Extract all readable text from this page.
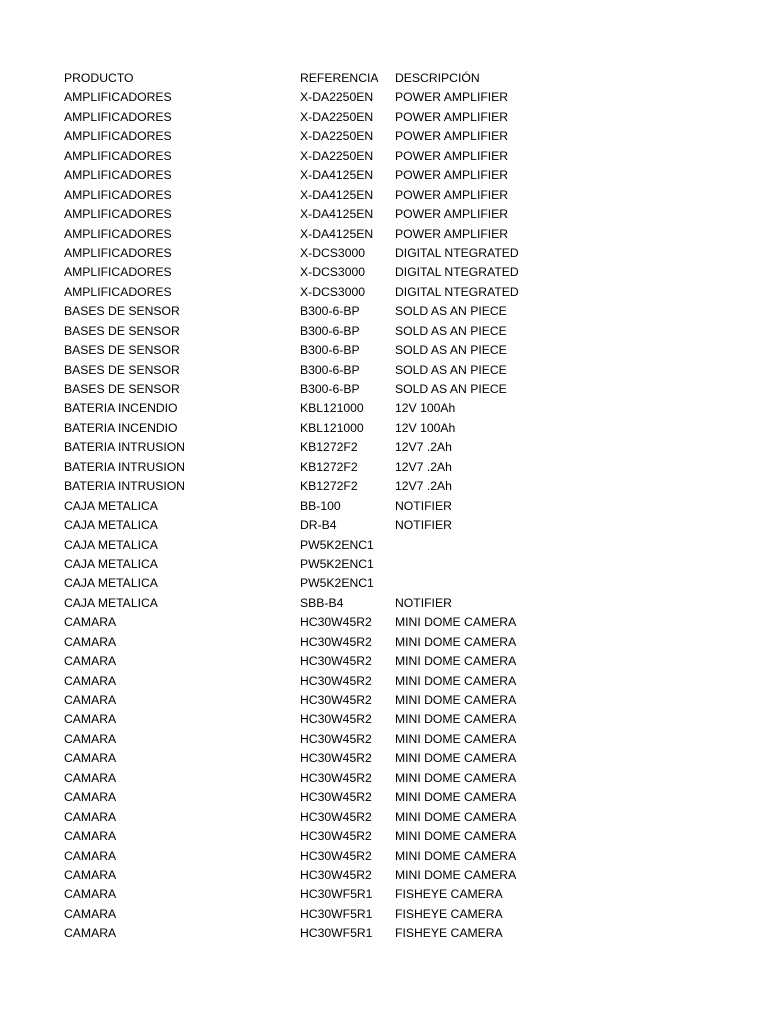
PRODUCTO	REFERENCIA	DESCRIPCIÓN
AMPLIFICADORES	X-DA2250EN	POWER AMPLIFIER
AMPLIFICADORES	X-DA2250EN	POWER AMPLIFIER
AMPLIFICADORES	X-DA2250EN	POWER AMPLIFIER
AMPLIFICADORES	X-DA2250EN	POWER AMPLIFIER
AMPLIFICADORES	X-DA4125EN	POWER AMPLIFIER
AMPLIFICADORES	X-DA4125EN	POWER AMPLIFIER
AMPLIFICADORES	X-DA4125EN	POWER AMPLIFIER
AMPLIFICADORES	X-DA4125EN	POWER AMPLIFIER
AMPLIFICADORES	X-DCS3000	DIGITAL NTEGRATED
AMPLIFICADORES	X-DCS3000	DIGITAL NTEGRATED
AMPLIFICADORES	X-DCS3000	DIGITAL NTEGRATED
BASES DE SENSOR	B300-6-BP	SOLD AS AN PIECE
BASES DE SENSOR	B300-6-BP	SOLD AS AN PIECE
BASES DE SENSOR	B300-6-BP	SOLD AS AN PIECE
BASES DE SENSOR	B300-6-BP	SOLD AS AN PIECE
BASES DE SENSOR	B300-6-BP	SOLD AS AN PIECE
BATERIA INCENDIO	KBL121000	12V 100Ah
BATERIA INCENDIO	KBL121000	12V 100Ah
BATERIA INTRUSION	KB1272F2	12V7 .2Ah
BATERIA INTRUSION	KB1272F2	12V7 .2Ah
BATERIA INTRUSION	KB1272F2	12V7 .2Ah
CAJA METALICA	BB-100	NOTIFIER
CAJA METALICA	DR-B4	NOTIFIER
CAJA METALICA	PW5K2ENC1
CAJA METALICA	PW5K2ENC1
CAJA METALICA	PW5K2ENC1
CAJA METALICA	SBB-B4	NOTIFIER
CAMARA	HC30W45R2	MINI DOME CAMERA
CAMARA	HC30W45R2	MINI DOME CAMERA
CAMARA	HC30W45R2	MINI DOME CAMERA
CAMARA	HC30W45R2	MINI DOME CAMERA
CAMARA	HC30W45R2	MINI DOME CAMERA
CAMARA	HC30W45R2	MINI DOME CAMERA
CAMARA	HC30W45R2	MINI DOME CAMERA
CAMARA	HC30W45R2	MINI DOME CAMERA
CAMARA	HC30W45R2	MINI DOME CAMERA
CAMARA	HC30W45R2	MINI DOME CAMERA
CAMARA	HC30W45R2	MINI DOME CAMERA
CAMARA	HC30W45R2	MINI DOME CAMERA
CAMARA	HC30W45R2	MINI DOME CAMERA
CAMARA	HC30W45R2	MINI DOME CAMERA
CAMARA	HC30WF5R1	FISHEYE CAMERA
CAMARA	HC30WF5R1	FISHEYE CAMERA
CAMARA	HC30WF5R1	FISHEYE CAMERA
